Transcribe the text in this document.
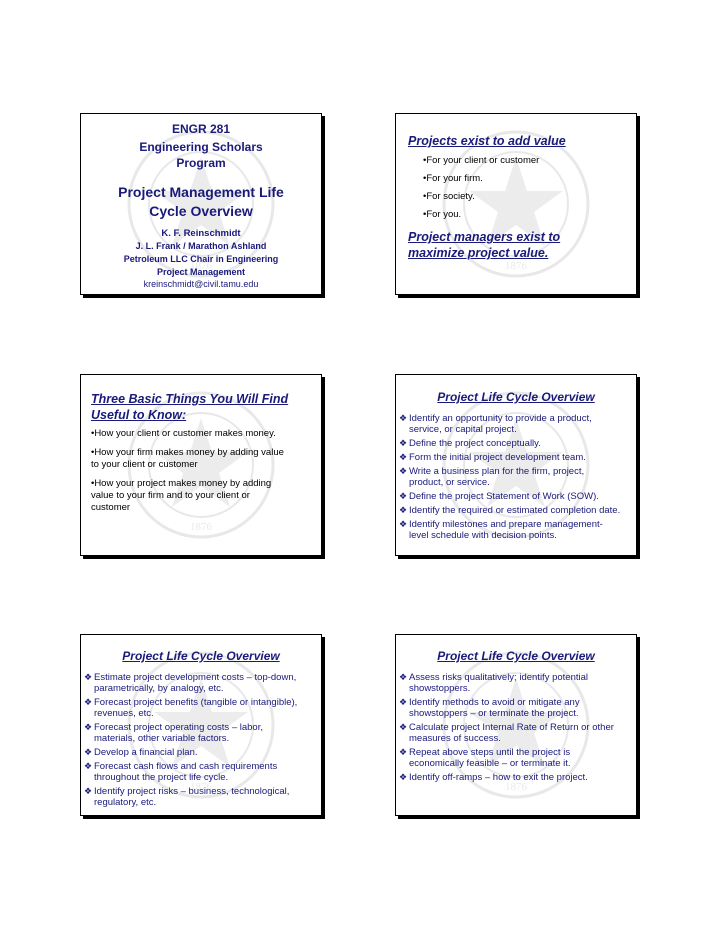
ENGR 281
Engineering Scholars
Program
Project Management Life
Cycle Overview
K. F. Reinschmidt
J. L. Frank / Marathon Ashland
Petroleum LLC Chair in Engineering
Project Management
kreinschmidt@civil.tamu.edu
Projects exist to add value
•For your client or customer
•For your firm.
•For society.
•For you.
Project managers exist to
maximize project value.
Three Basic Things You Will Find
Useful to Know:
•How your client or customer makes money.
•How your firm makes money by adding value
to your client or customer
•How your project makes money by adding
value to your firm and to your client or
customer
Project Life Cycle Overview
❖ Identify an opportunity to provide a product,
service, or capital project.
❖ Define the project conceptually.
❖ Form the initial project development team.
❖ Write a business plan for the firm, project,
product, or service.
❖ Define the project Statement of Work (SOW).
❖ Identify the required or estimated completion date.
❖ Identify milestones and prepare management-
level schedule with decision points.
Project Life Cycle Overview
❖ Estimate project development costs – top-down,
parametrically, by analogy, etc.
❖ Forecast project benefits (tangible or intangible),
revenues, etc.
❖ Forecast project operating costs – labor,
materials, other variable factors.
❖ Develop a financial plan.
❖ Forecast cash flows and cash requirements
throughout the project life cycle.
❖ Identify project risks – business, technological,
regulatory, etc.
Project Life Cycle Overview
❖ Assess risks qualitatively; identify potential
showstoppers.
❖ Identify methods to avoid or mitigate any
showstoppers – or terminate the project.
❖ Calculate project Internal Rate of Return or other
measures of success.
❖ Repeat above steps until the project is
economically feasible – or terminate it.
❖ Identify off-ramps – how to exit the project.
